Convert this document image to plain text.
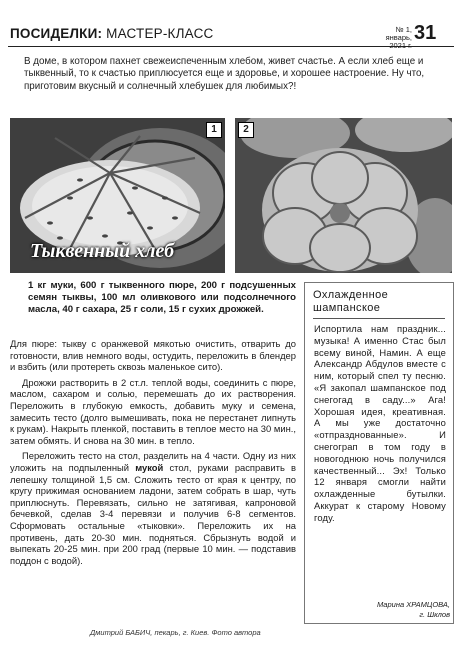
ПОСИДЕЛКИ: МАСТЕР-КЛАСС	№ 1,
январь, 2021 г.
31
В доме, в котором пахнет свежеиспеченным хлебом, живет счастье. А если хлеб еще и тыквенный, то к счастью приплюсуется еще и здоровье, и хорошее настроение. Ну что, приготовим вкусный и солнечный хлебушек для любимых?!
1	2
Тыквенный хлеб
1 кг муки, 600 г тыквенного пюре, 200 г подсушенных семян тыквы, 100 мл оливкового или подсолнечного масла, 40 г сахара, 25 г соли, 15 г сухих дрожжей.

Для пюре: тыкву с оранжевой мякотью очистить, отварить до готовности, влив немного воды, остудить, переложить в блендер и взбить (или протереть сквозь маленькое сито).

Дрожжи растворить в 2 ст.л. теплой воды, соединить с пюре, маслом, сахаром и солью, перемешать до их растворения. Переложить в глубокую емкость, добавить муку и семена, замесить тесто (долго вымешивать, пока не перестанет липнуть к рукам). Накрыть пленкой, поставить в теплое место на 30 мин., затем обмять. И снова на 30 мин. в тепло.

Переложить тесто на стол, разделить на 4 части. Одну из них уложить на подпыленный мукой стол, руками расправить в лепешку толщиной 1,5 см. Сложить тесто от края к центру, по кругу прижимая основанием ладони, затем собрать в шар, чуть приплюснуть. Перевязать, сильно не затягивая, капроновой бечевкой, сделав 3-4 перевязи и получив 6-8 сегментов. Сформовать остальные «тыковки». Переложить их на противень, дать 20-30 мин. подняться. Сбрызнуть водой и выпекать 20-25 мин. при 200 град (первые 10 мин. — подставив поддон с водой).

Дмитрий БАБИЧ, пекарь, г. Киев. Фото автора
Охлажденное
шампанское
Испортила нам праздник... музыка! А именно Стас был всему виной, Намин. А еще Александр Абдулов вместе с ним, который спел ту песню. «Я закопал шампанское под снегогад в саду...» Ага! Хорошая идея, креативная. А мы уже достаточно «отпразднованные». И снегограп в том году в новогоднюю ночь получился качественный... Эх! Только 12 января смогли найти охлажденные бутылки. Аккурат к старому Новому году.
Марина ХРАМЦОВА,
г. Шклов
